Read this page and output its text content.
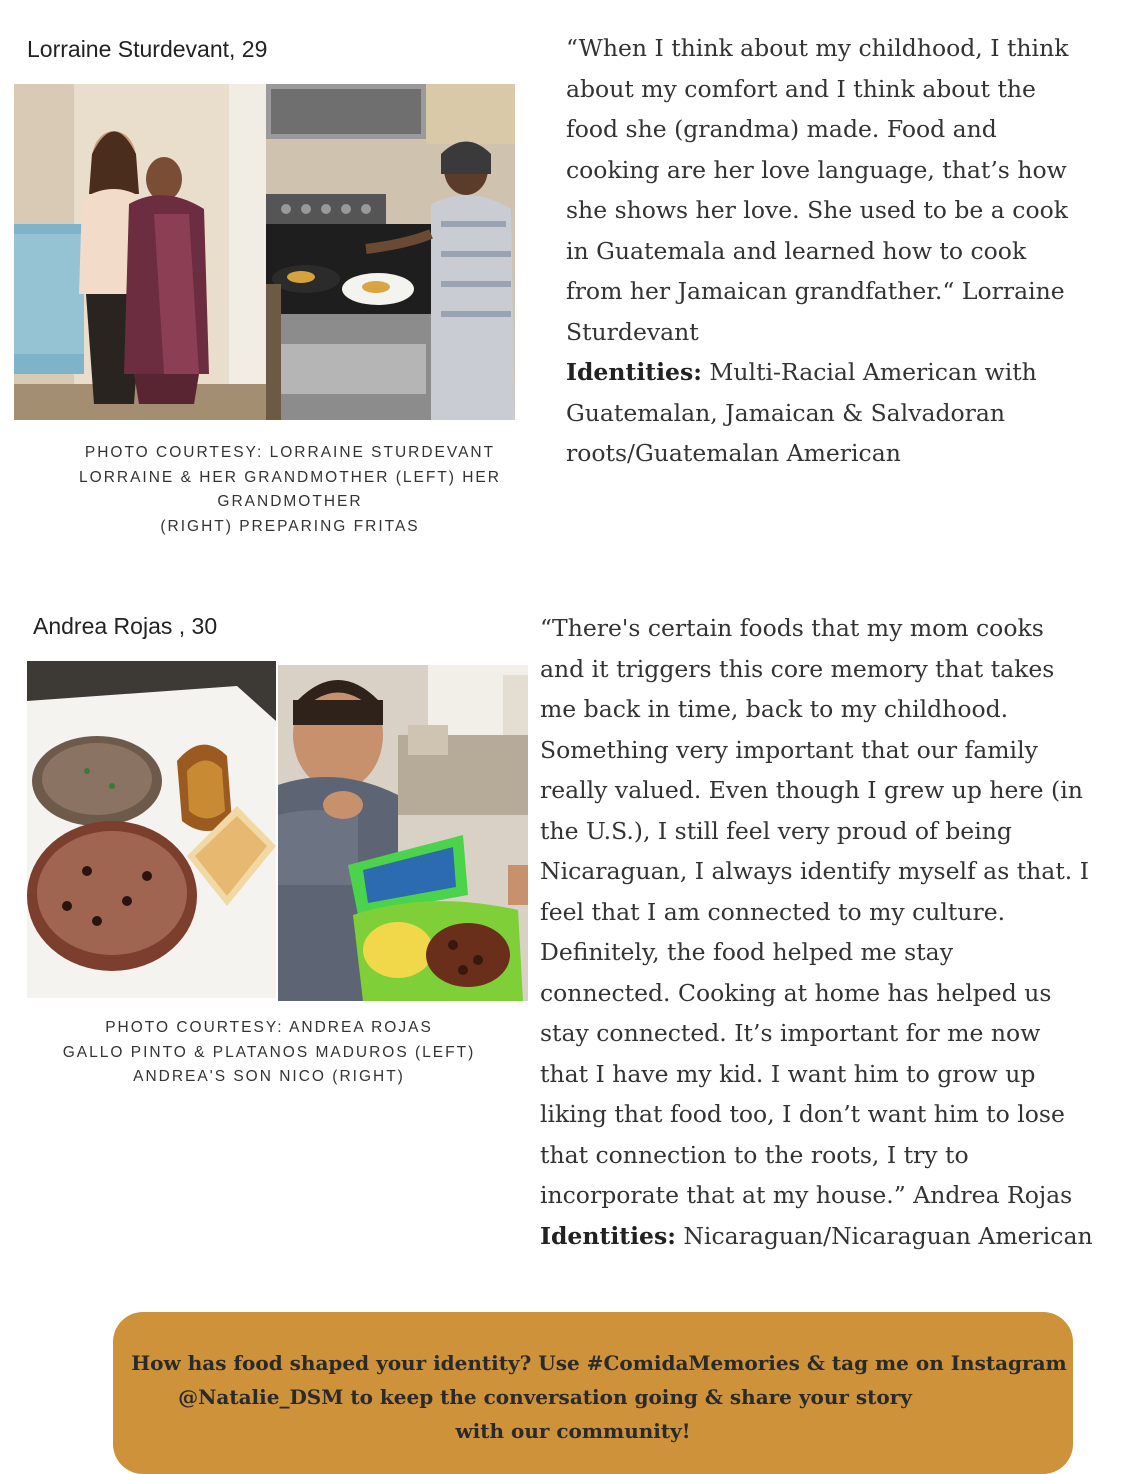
Lorraine Sturdevant, 29
PHOTO COURTESY: LORRAINE STURDEVANT
LORRAINE & HER GRANDMOTHER (LEFT) HER
GRANDMOTHER
(RIGHT) PREPARING FRITAS

“When I think about my childhood, I think
about my comfort and I think about the
food she (grandma) made. Food and
cooking are her love language, that’s how
she shows her love. She used to be a cook
in Guatemala and learned how to cook
from her Jamaican grandfather.“ Lorraine
Sturdevant
Identities: Multi-Racial American with
Guatemalan, Jamaican & Salvadoran
roots/Guatemalan American

Andrea Rojas , 30
PHOTO COURTESY: ANDREA ROJAS
GALLO PINTO & PLATANOS MADUROS (LEFT)
ANDREA'S SON NICO (RIGHT)

“There's certain foods that my mom cooks
and it triggers this core memory that takes
me back in time, back to my childhood.
Something very important that our family
really valued. Even though I grew up here (in
the U.S.), I still feel very proud of being
Nicaraguan, I always identify myself as that. I
feel that I am connected to my culture.
Definitely, the food helped me stay
connected. Cooking at home has helped us
stay connected. It’s important for me now
that I have my kid. I want him to grow up
liking that food too, I don’t want him to lose
that connection to the roots, I try to
incorporate that at my house.” Andrea Rojas
Identities: Nicaraguan/Nicaraguan American

How has food shaped your identity? Use #ComidaMemories & tag me on Instagram
@Natalie_DSM to keep the conversation going & share your story
with our community!
